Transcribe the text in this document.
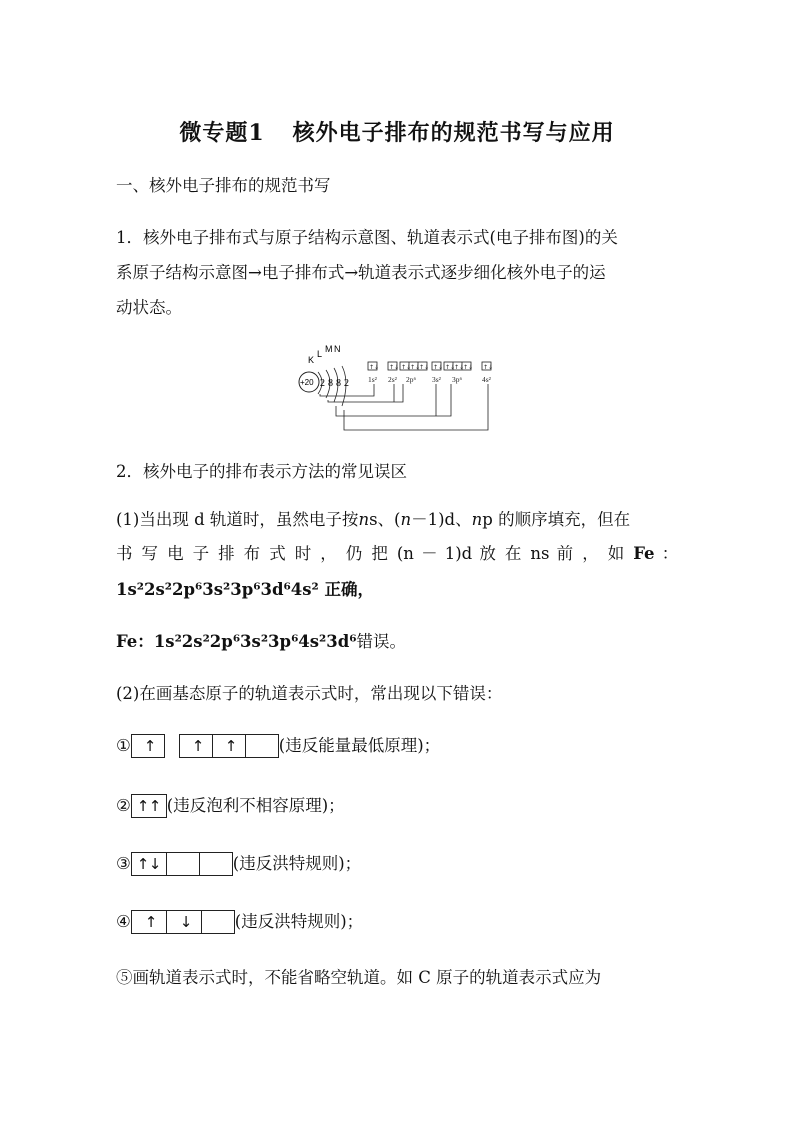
微专题1 核外电子排布的规范书写与应用
一、核外电子排布的规范书写
1．核外电子排布式与原子结构示意图、轨道表示式(电子排布图)的关
系原子结构示意图→电子排布式→轨道表示式逐步细化核外电子的运
动状态。
K
L M N
+20 2 8 8 2
↑↓ ↑↓ ↑↓
↑↓
↑↓ ↑↓ ↑↓
↑↓
↑↓ ↑↓
1s² 2s² 2p⁶ 3s² 3p⁶	4s²
2．核外电子的排布表示方法的常见误区
(1)当出现 d 轨道时，虽然电子按ns、(n－1)d、np 的顺序填充，但在
书 写 电 子 排 布 式 时 ， 仍 把 (n － 1)d 放 在 ns 前 ， 如 Fe ：
1s²2s²2p⁶3s²3p⁶3d⁶4s² 正确，
Fe：1s²2s²2p⁶3s²3p⁶4s²3d⁶错误。
(2)在画基态原子的轨道表示式时，常出现以下错误：
① ↑ ↑ ↑	(违反能量最低原理)；
② ↑ ↑ (违反泡利不相容原理)；
③ ↑ ↓	(违反洪特规则)；
④ ↑ ↓	(违反洪特规则)；
⑤画轨道表示式时，不能省略空轨道。如 C 原子的轨道表示式应为
